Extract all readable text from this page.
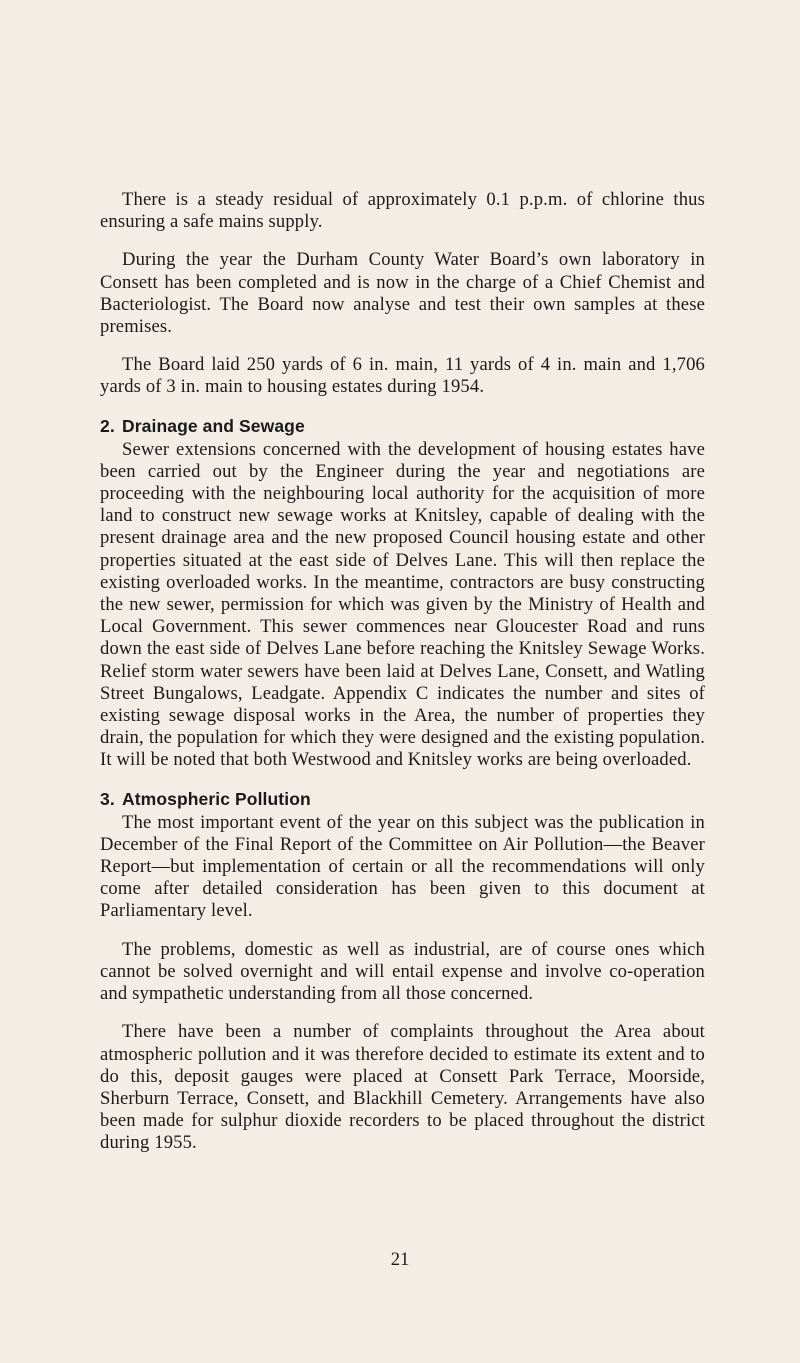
There is a steady residual of approximately 0.1 p.p.m. of chlorine thus ensuring a safe mains supply.

During the year the Durham County Water Board’s own laboratory in Consett has been completed and is now in the charge of a Chief Chemist and Bacteriologist. The Board now analyse and test their own samples at these premises.

The Board laid 250 yards of 6 in. main, 11 yards of 4 in. main and 1,706 yards of 3 in. main to housing estates during 1954.

2. Drainage and Sewage

Sewer extensions concerned with the development of housing estates have been carried out by the Engineer during the year and negotiations are proceeding with the neighbouring local authority for the acquisition of more land to construct new sewage works at Knitsley, capable of dealing with the present drainage area and the new proposed Council housing estate and other properties situated at the east side of Delves Lane. This will then replace the existing overloaded works. In the meantime, contractors are busy constructing the new sewer, permission for which was given by the Ministry of Health and Local Government. This sewer commences near Gloucester Road and runs down the east side of Delves Lane before reaching the Knitsley Sewage Works. Relief storm water sewers have been laid at Delves Lane, Consett, and Watling Street Bungalows, Leadgate. Appendix C indicates the number and sites of existing sewage disposal works in the Area, the number of properties they drain, the population for which they were designed and the existing population. It will be noted that both Westwood and Knitsley works are being overloaded.

3. Atmospheric Pollution

The most important event of the year on this subject was the publication in December of the Final Report of the Committee on Air Pollution—the Beaver Report—but implementation of certain or all the recommendations will only come after detailed consideration has been given to this document at Parliamentary level.

The problems, domestic as well as industrial, are of course ones which cannot be solved overnight and will entail expense and involve co-operation and sympathetic understanding from all those concerned.

There have been a number of complaints throughout the Area about atmospheric pollution and it was therefore decided to estimate its extent and to do this, deposit gauges were placed at Consett Park Terrace, Moorside, Sherburn Terrace, Consett, and Blackhill Cemetery. Arrangements have also been made for sulphur dioxide recorders to be placed throughout the district during 1955.

21
